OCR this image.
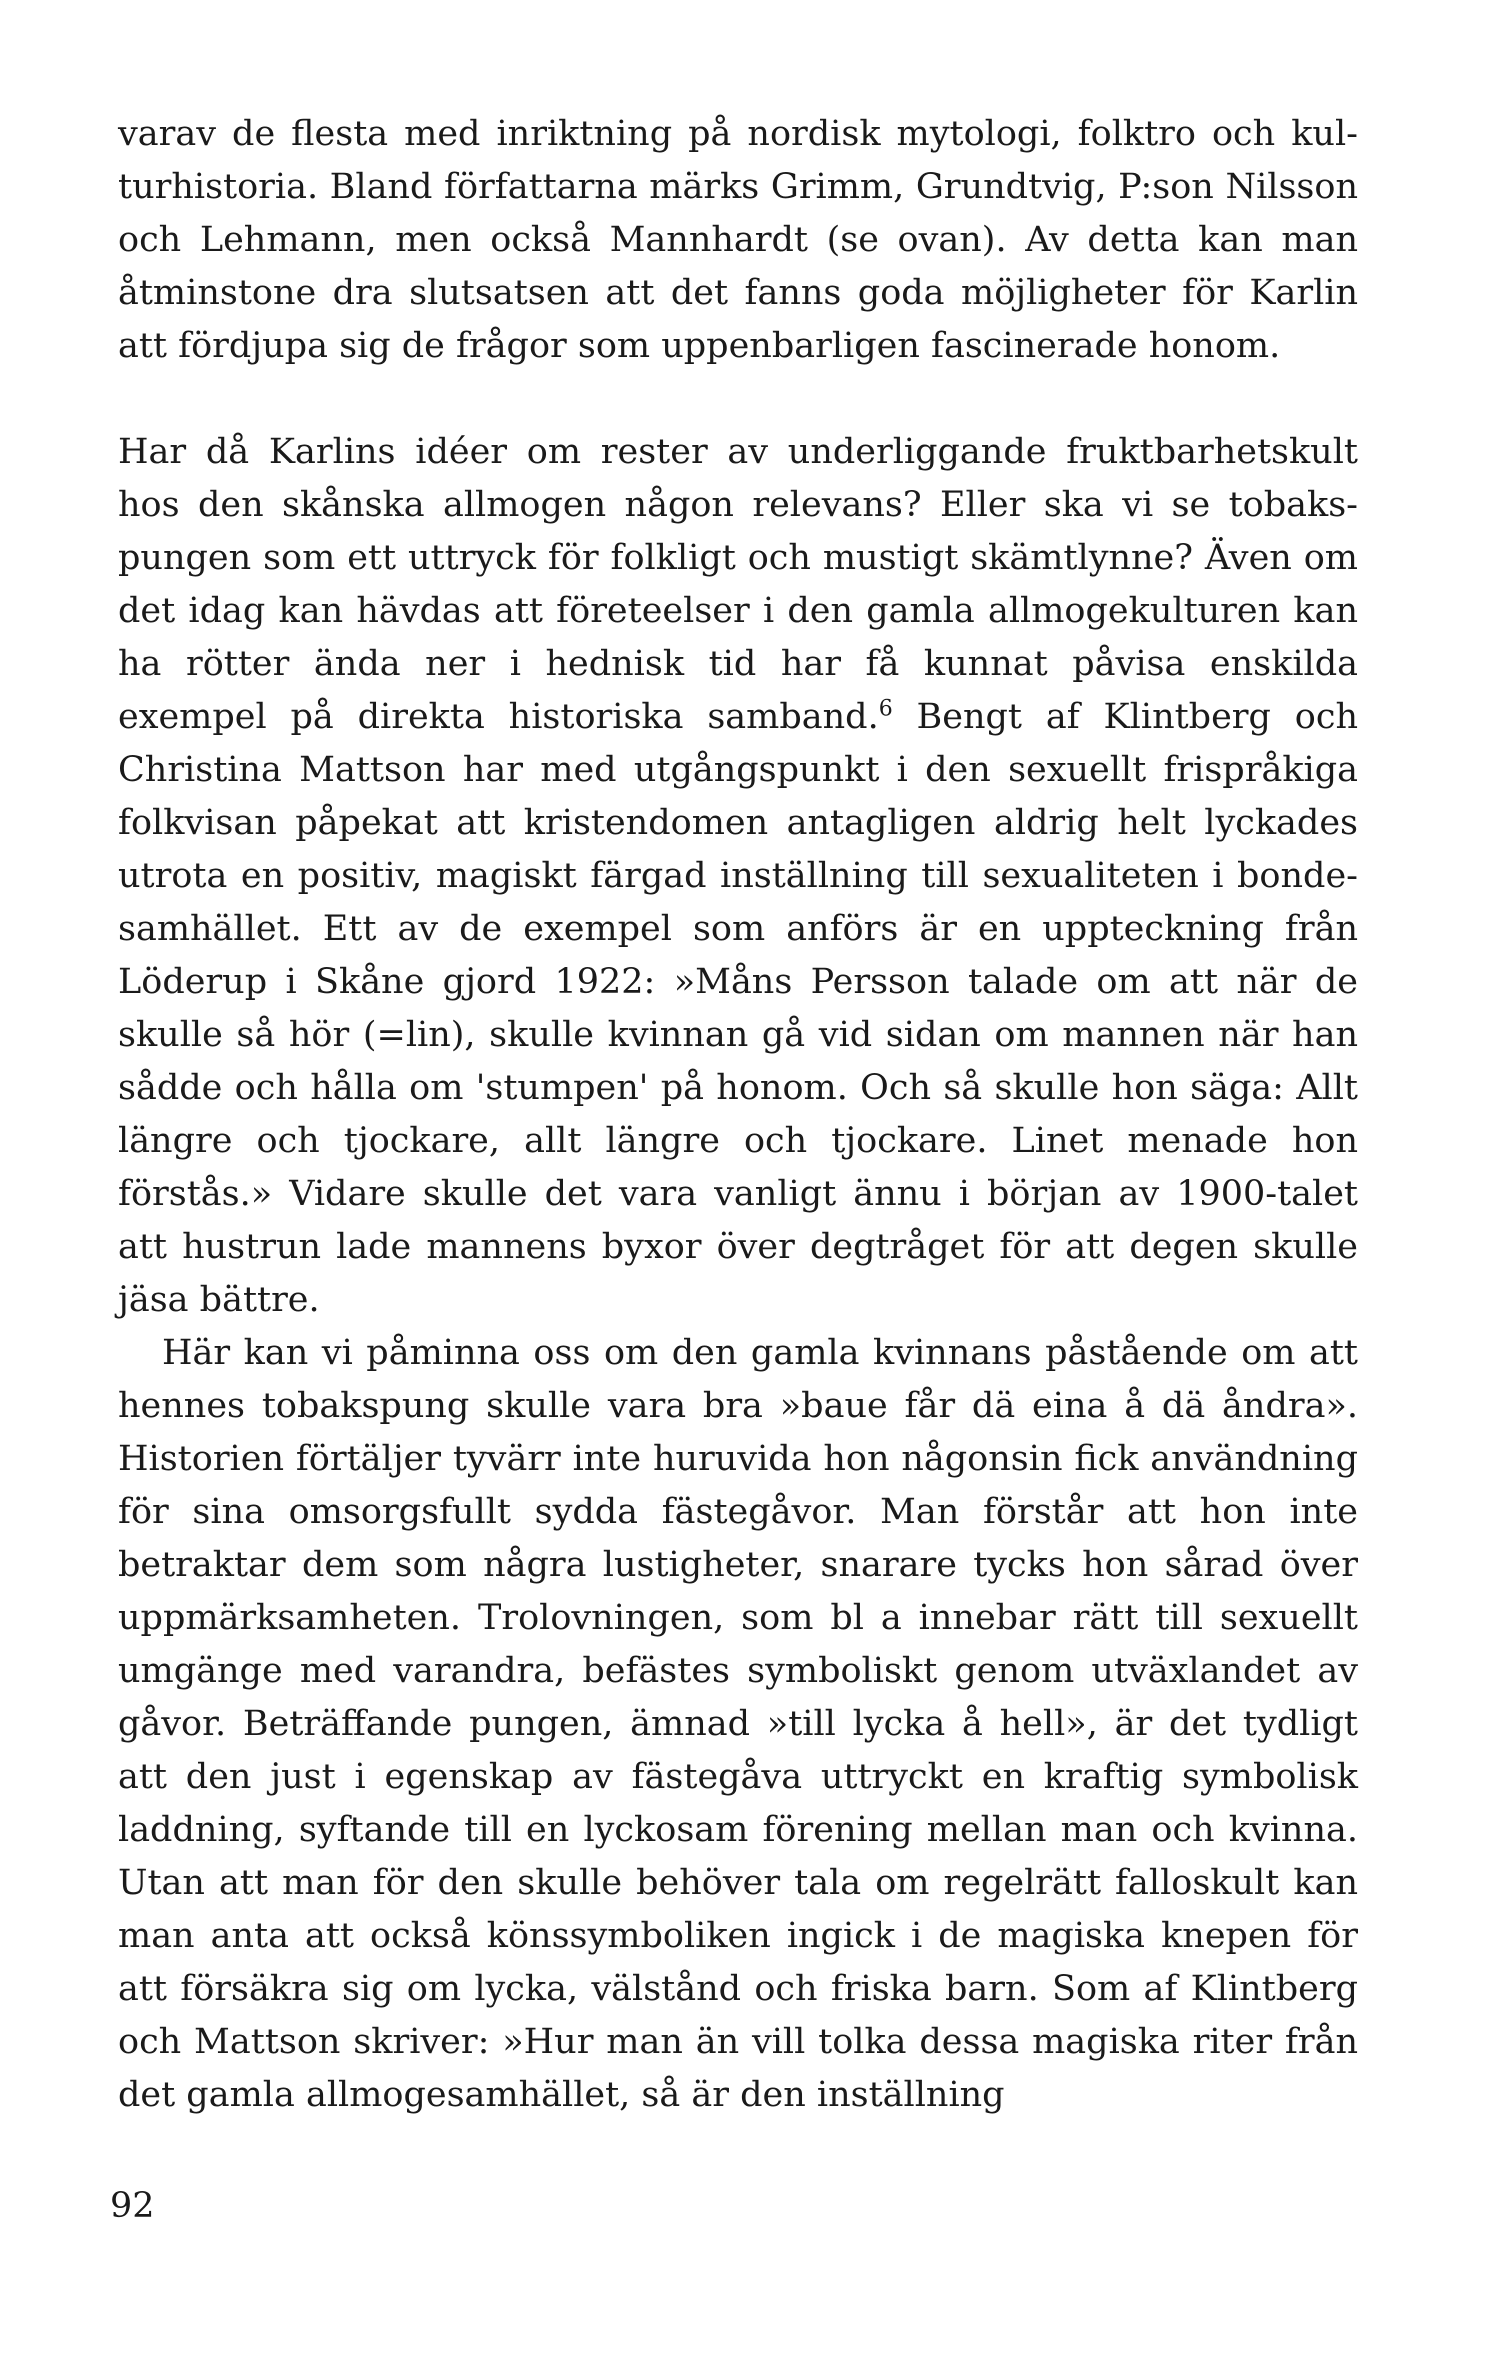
varav de flesta med inriktning på nordisk mytologi, folktro och kulturhistoria. Bland författarna märks Grimm, Grundtvig, P:son Nilsson och Lehmann, men också Mannhardt (se ovan). Av detta kan man åtminstone dra slutsatsen att det fanns goda möjligheter för Karlin att fördjupa sig de frågor som uppenbarligen fascinerade honom.

Har då Karlins idéer om rester av underliggande fruktbarhetskult hos den skånska allmogen någon relevans? Eller ska vi se tobakspungen som ett uttryck för folkligt och mustigt skämtlynne? Även om det idag kan hävdas att företeelser i den gamla allmogekulturen kan ha rötter ända ner i hednisk tid har få kunnat påvisa enskilda exempel på direkta historiska samband.$^6$ Bengt af Klintberg och Christina Mattson har med utgångspunkt i den sexuellt frispråkiga folkvisan påpekat att kristendomen antagligen aldrig helt lyckades utrota en positiv, magiskt färgad inställning till sexualiteten i bondesamhället. Ett av de exempel som anförs är en uppteckning från Löderup i Skåne gjord 1922: »Måns Persson talade om att när de skulle så hör (=lin), skulle kvinnan gå vid sidan om mannen när han sådde och hålla om 'stumpen' på honom. Och så skulle hon säga: Allt längre och tjockare, allt längre och tjockare. Linet menade hon förstås.» Vidare skulle det vara vanligt ännu i början av 1900-talet att hustrun lade mannens byxor över degtråget för att degen skulle jäsa bättre.

Här kan vi påminna oss om den gamla kvinnans påstående om att hennes tobakspung skulle vara bra »baue får dä eina å dä åndra». Historien förtäljer tyvärr inte huruvida hon någonsin fick användning för sina omsorgsfullt sydda fästegåvor. Man förstår att hon inte betraktar dem som några lustigheter, snarare tycks hon sårad över uppmärksamheten. Trolovningen, som bl a innebar rätt till sexuellt umgänge med varandra, befästes symboliskt genom utväxlandet av gåvor. Beträffande pungen, ämnad »till lycka å hell», är det tydligt att den just i egenskap av fästegåva uttryckt en kraftig symbolisk laddning, syftande till en lyckosam förening mellan man och kvinna. Utan att man för den skulle behöver tala om regelrätt falloskult kan man anta att också könssymboliken ingick i de magiska knepen för att försäkra sig om lycka, välstånd och friska barn. Som af Klintberg och Mattson skriver: »Hur man än vill tolka dessa magiska riter från det gamla allmogesamhället, så är den inställning

92
